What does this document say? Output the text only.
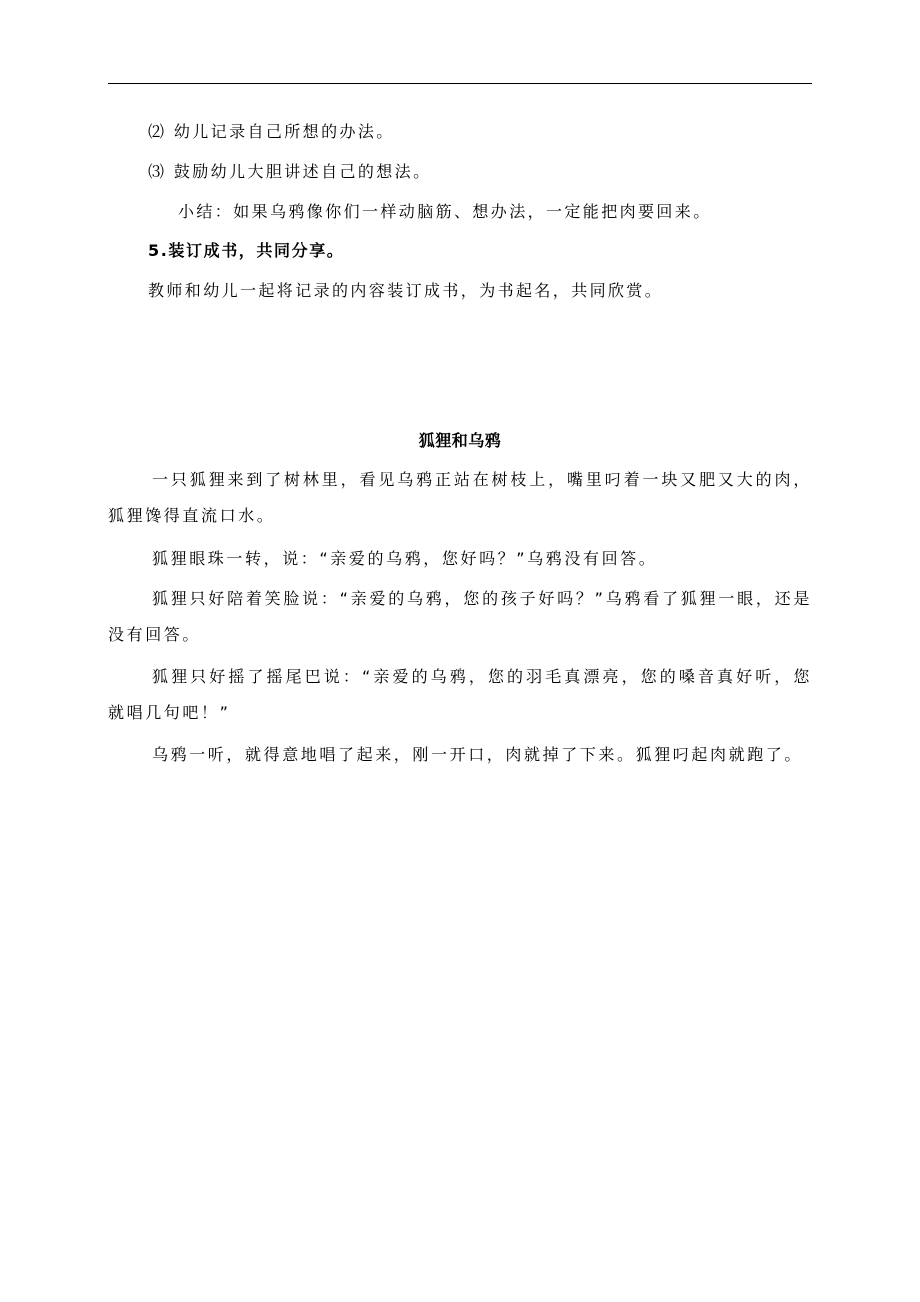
⑵ 幼儿记录自己所想的办法。
⑶ 鼓励幼儿大胆讲述自己的想法。
小结：如果乌鸦像你们一样动脑筋、想办法，一定能把肉要回来。
5.装订成书，共同分享。
教师和幼儿一起将记录的内容装订成书，为书起名，共同欣赏。
狐狸和乌鸦
一只狐狸来到了树林里，看见乌鸦正站在树枝上，嘴里叼着一块又肥又大的肉，狐狸馋得直流口水。
狐狸眼珠一转，说：“亲爱的乌鸦，您好吗？”乌鸦没有回答。
狐狸只好陪着笑脸说：“亲爱的乌鸦，您的孩子好吗？”乌鸦看了狐狸一眼，还是没有回答。
狐狸只好摇了摇尾巴说：“亲爱的乌鸦，您的羽毛真漂亮，您的嗓音真好听，您就唱几句吧！”
乌鸦一听，就得意地唱了起来，刚一开口，肉就掉了下来。狐狸叼起肉就跑了。
